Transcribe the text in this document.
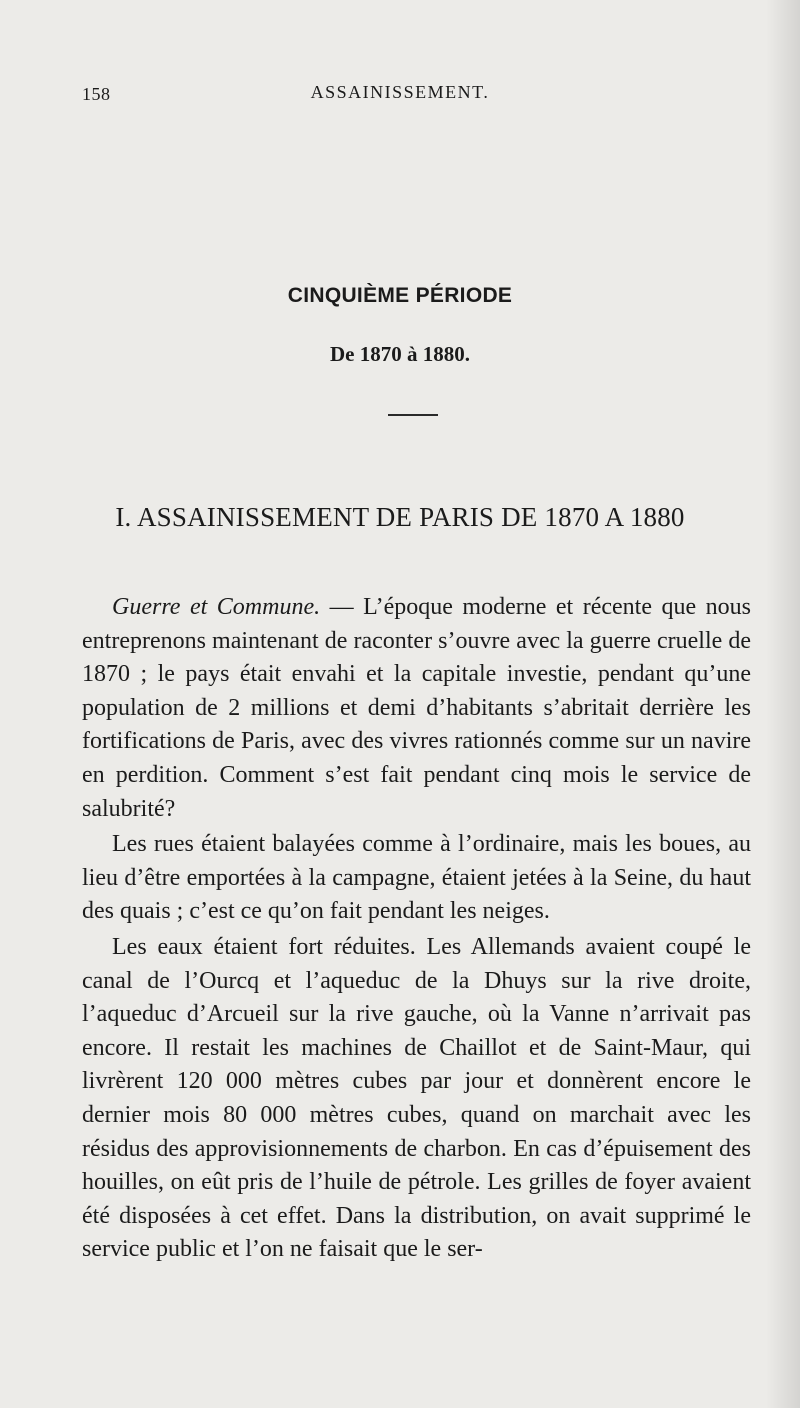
158	ASSAINISSEMENT.
CINQUIÈME PÉRIODE
De 1870 à 1880.
I. ASSAINISSEMENT DE PARIS DE 1870 A 1880

Guerre et Commune. — L’époque moderne et récente que nous entreprenons maintenant de raconter s’ouvre avec la guerre cruelle de 1870 ; le pays était envahi et la capitale investie, pendant qu’une population de 2 millions et demi d’habitants s’abritait derrière les fortifications de Paris, avec des vivres rationnés comme sur un navire en perdition. Comment s’est fait pendant cinq mois le service de salubrité?

Les rues étaient balayées comme à l’ordinaire, mais les boues, au lieu d’être emportées à la campagne, étaient jetées à la Seine, du haut des quais ; c’est ce qu’on fait pendant les neiges.

Les eaux étaient fort réduites. Les Allemands avaient coupé le canal de l’Ourcq et l’aqueduc de la Dhuys sur la rive droite, l’aqueduc d’Arcueil sur la rive gauche, où la Vanne n’arrivait pas encore. Il restait les machines de Chaillot et de Saint-Maur, qui livrèrent 120 000 mètres cubes par jour et donnèrent encore le dernier mois 80 000 mètres cubes, quand on marchait avec les résidus des approvisionnements de charbon. En cas d’épuisement des houilles, on eût pris de l’huile de pétrole. Les grilles de foyer avaient été disposées à cet effet. Dans la distribution, on avait supprimé le service public et l’on ne faisait que le ser-
